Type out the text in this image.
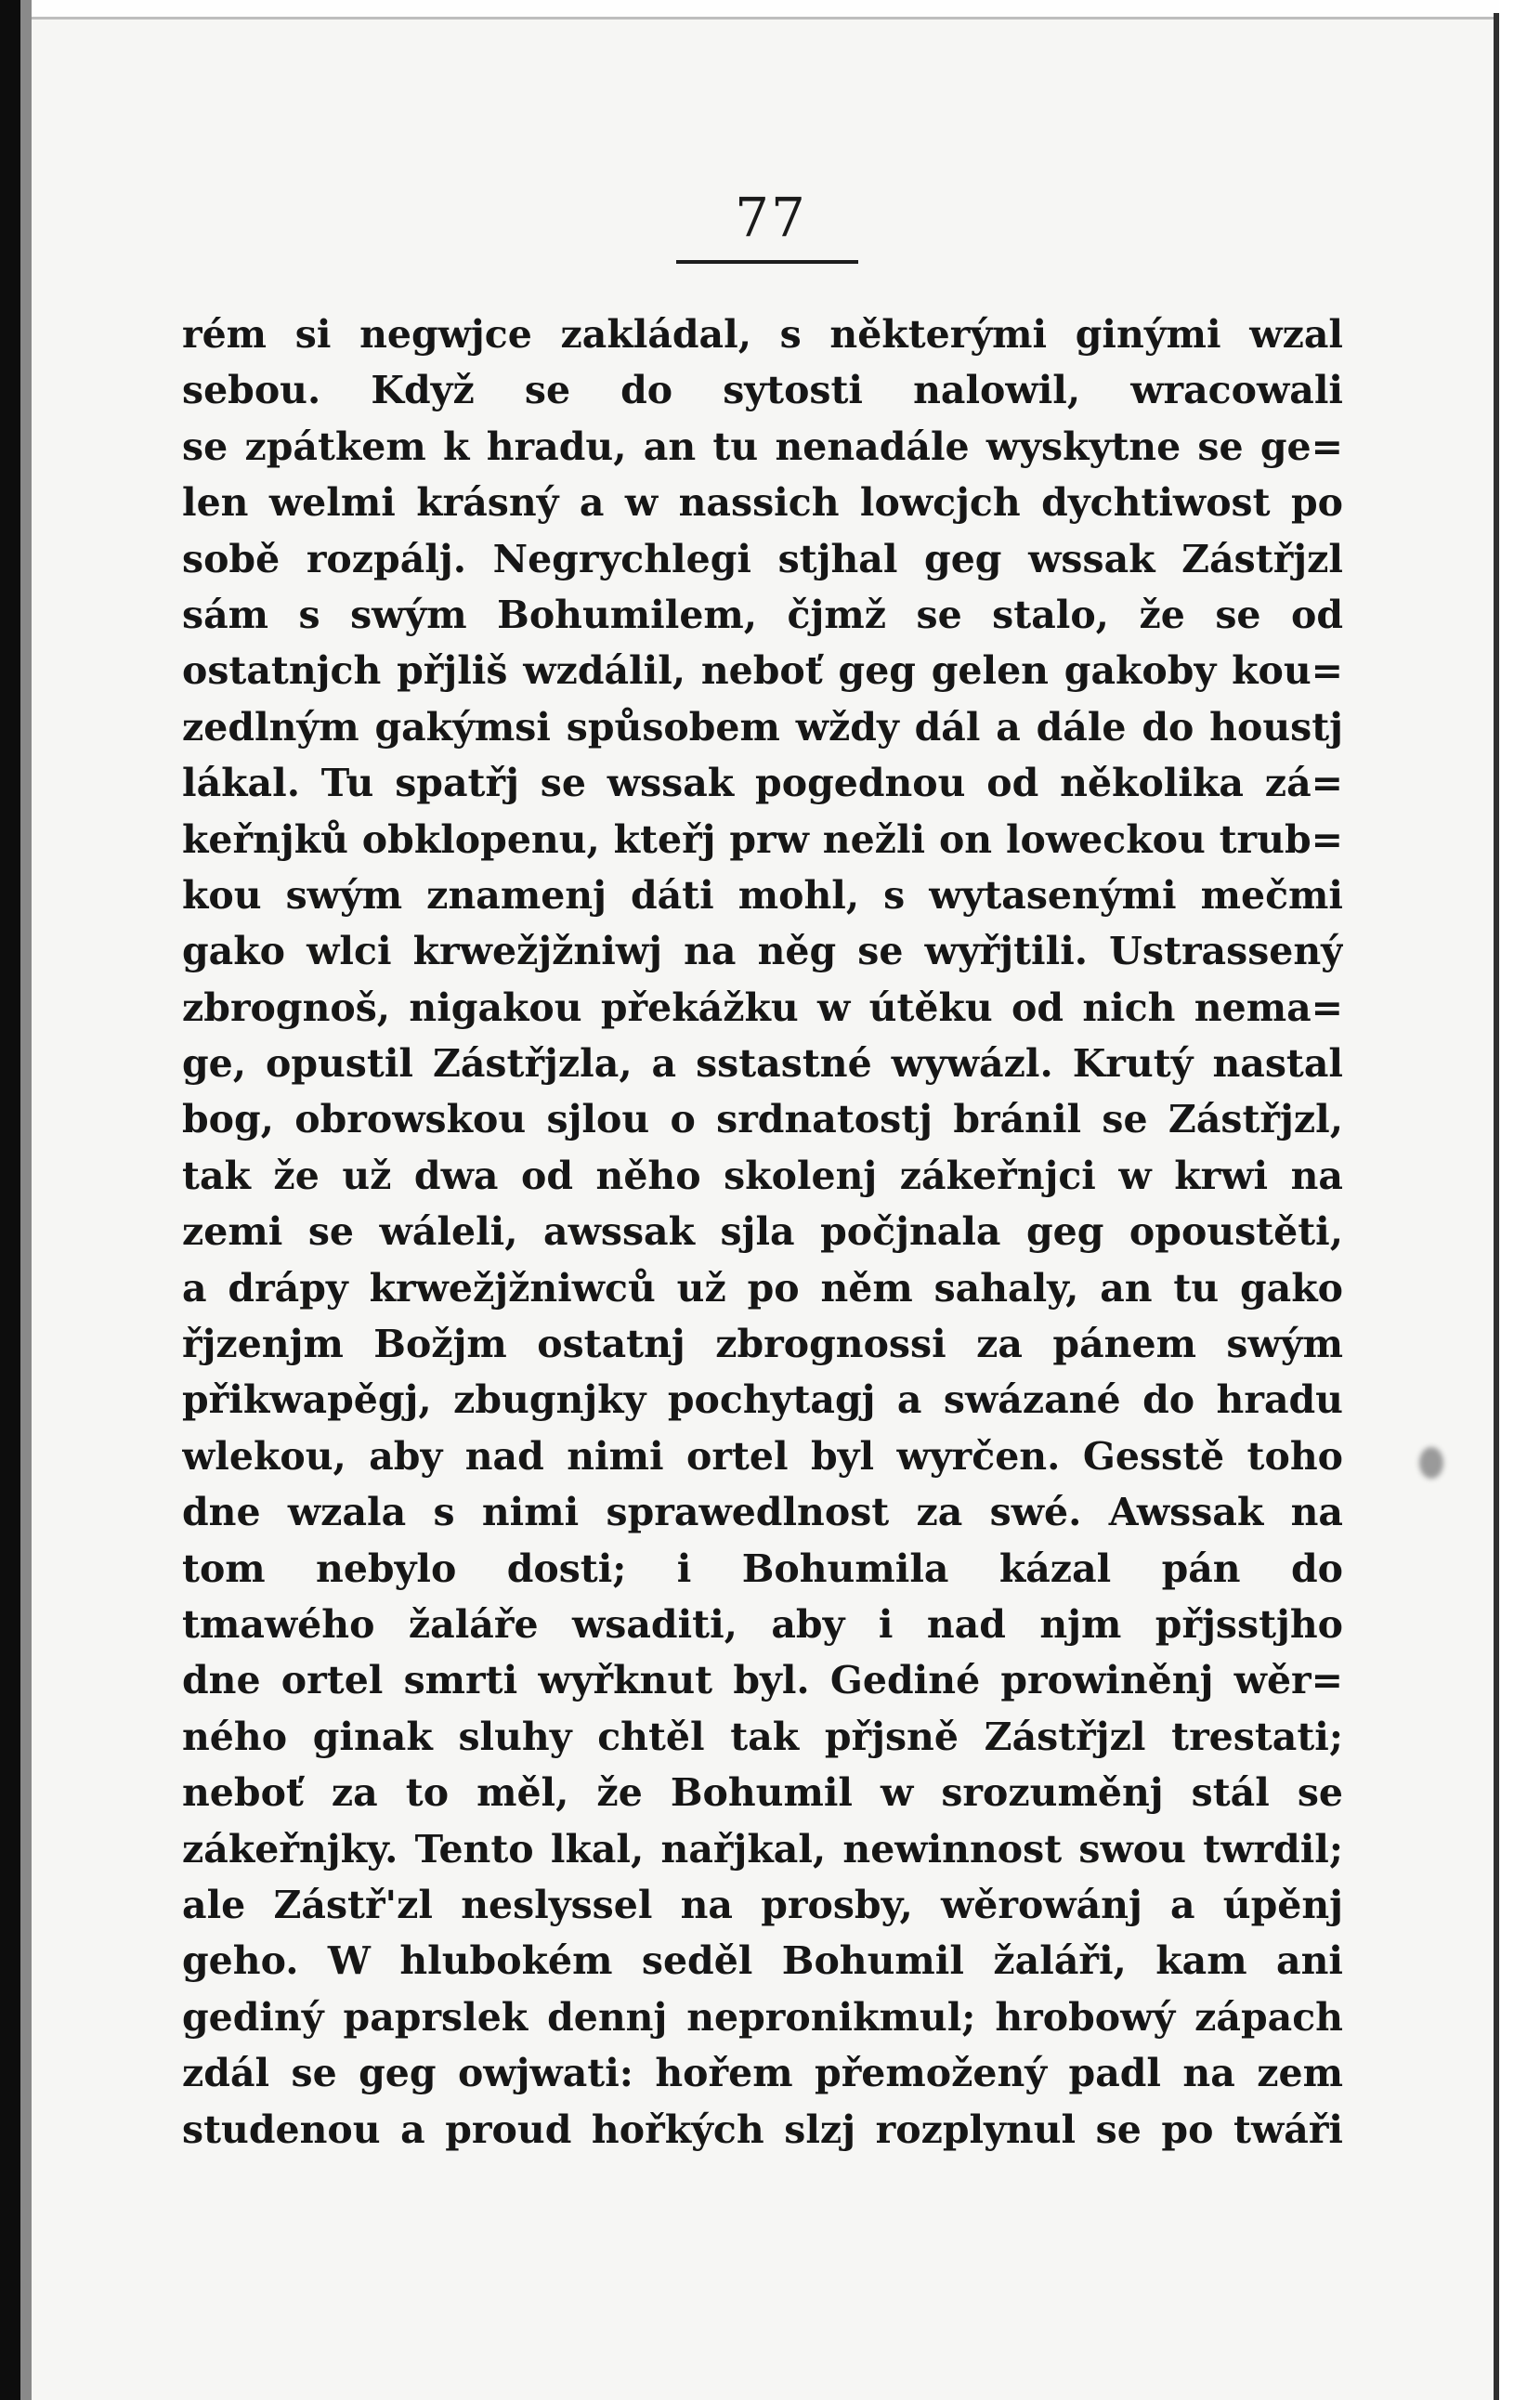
77
rém si negwjce zakládal, s některými ginými wzal
sebou. Když se do sytosti nalowil, wracowali
se zpátkem k hradu, an tu nenadále wyskytne se ge=
len welmi krásný a w nassich lowcjch dychtiwost po
sobě rozpálj. Negrychlegi stjhal geg wssak Zástřjzl
sám s swým Bohumilem, čjmž se stalo, že se od
ostatnjch přjliš wzdálil, neboť geg gelen gakoby kou=
zedlným gakýmsi spůsobem wždy dál a dále do houstj
lákal. Tu spatřj se wssak pogednou od několika zá=
keřnjků obklopenu, kteřj prw nežli on loweckou trub=
kou swým znamenj dáti mohl, s wytasenými mečmi
gako wlci krwežjžniwj na něg se wyřjtili. Ustrassený
zbrognoš, nigakou překážku w útěku od nich nema=
ge, opustil Zástřjzla, a sstastné wywázl. Krutý nastal
bog, obrowskou sjlou o srdnatostj bránil se Zástřjzl,
tak že už dwa od něho skolenj zákeřnjci w krwi na
zemi se wáleli, awssak sjla počjnala geg opoustěti,
a drápy krwežjžniwců už po něm sahaly, an tu gako
řjzenjm Božjm ostatnj zbrognossi za pánem swým
přikwapěgj, zbugnjky pochytagj a swázané do hradu
wlekou, aby nad nimi ortel byl wyrčen. Gesstě toho
dne wzala s nimi sprawedlnost za swé. Awssak na
tom nebylo dosti; i Bohumila kázal pán do
tmawého žaláře wsaditi, aby i nad njm přjsstjho
dne ortel smrti wyřknut byl. Gediné prowiněnj wěr=
ného ginak sluhy chtěl tak přjsně Zástřjzl trestati;
neboť za to měl, že Bohumil w srozuměnj stál se
zákeřnjky. Tento lkal, nařjkal, newinnost swou twrdil;
ale Zástř'zl neslyssel na prosby, wěrowánj a úpěnj
geho. W hlubokém seděl Bohumil žaláři, kam ani
gediný paprslek dennj nepronikmul; hrobowý zápach
zdál se geg owjwati: hořem přemožený padl na zem
studenou a proud hořkých slzj rozplynul se po twáři
